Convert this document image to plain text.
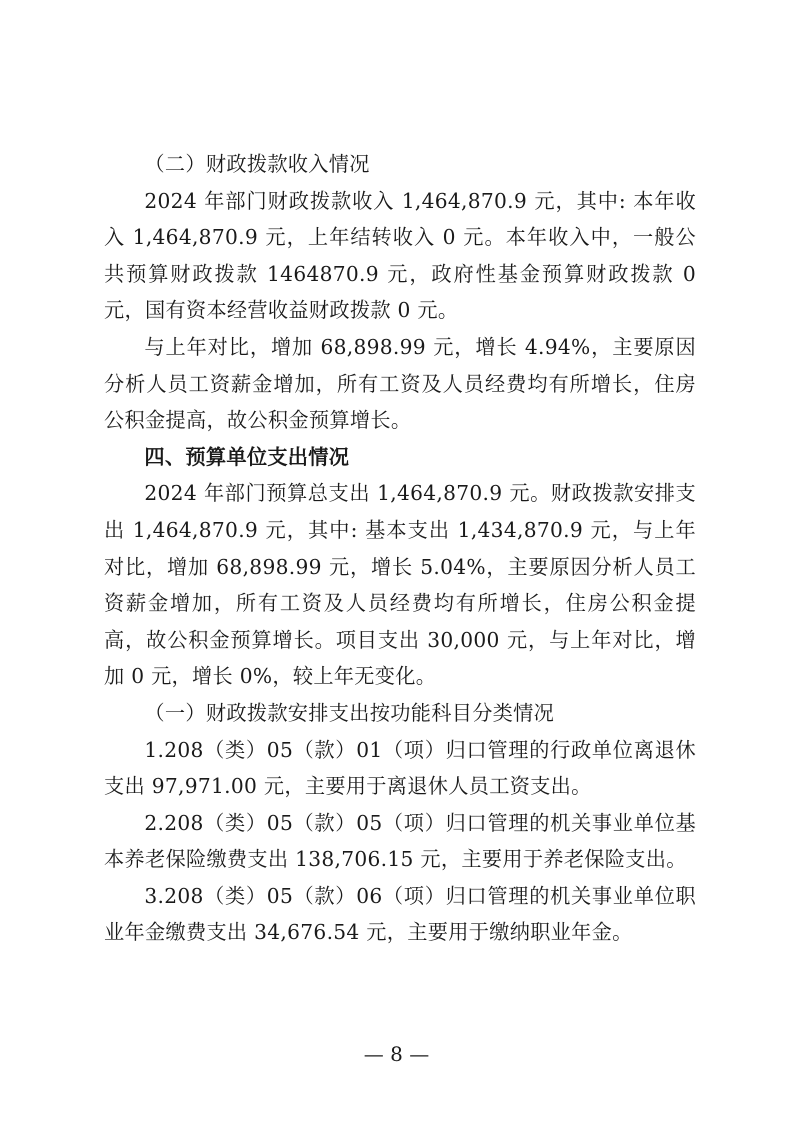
（二）财政拨款收入情况

2024 年部门财政拨款收入 1,464,870.9 元，其中: 本年收入 1,464,870.9 元，上年结转收入 0 元。本年收入中，一般公共预算财政拨款 1464870.9 元，政府性基金预算财政拨款 0 元，国有资本经营收益财政拨款 0 元。

与上年对比，增加 68,898.99 元，增长 4.94%，主要原因分析人员工资薪金增加，所有工资及人员经费均有所增长，住房公积金提高，故公积金预算增长。

四、预算单位支出情况

2024 年部门预算总支出 1,464,870.9 元。财政拨款安排支出 1,464,870.9 元，其中: 基本支出 1,434,870.9 元，与上年对比，增加 68,898.99 元，增长 5.04%，主要原因分析人员工资薪金增加，所有工资及人员经费均有所增长，住房公积金提高，故公积金预算增长。项目支出 30,000 元，与上年对比，增加 0 元，增长 0%，较上年无变化。

（一）财政拨款安排支出按功能科目分类情况

1.208（类）05（款）01（项）归口管理的行政单位离退休支出 97,971.00 元，主要用于离退休人员工资支出。

2.208（类）05（款）05（项）归口管理的机关事业单位基本养老保险缴费支出 138,706.15 元，主要用于养老保险支出。

3.208（类）05（款）06（项）归口管理的机关事业单位职业年金缴费支出 34,676.54 元，主要用于缴纳职业年金。

— 8 —
